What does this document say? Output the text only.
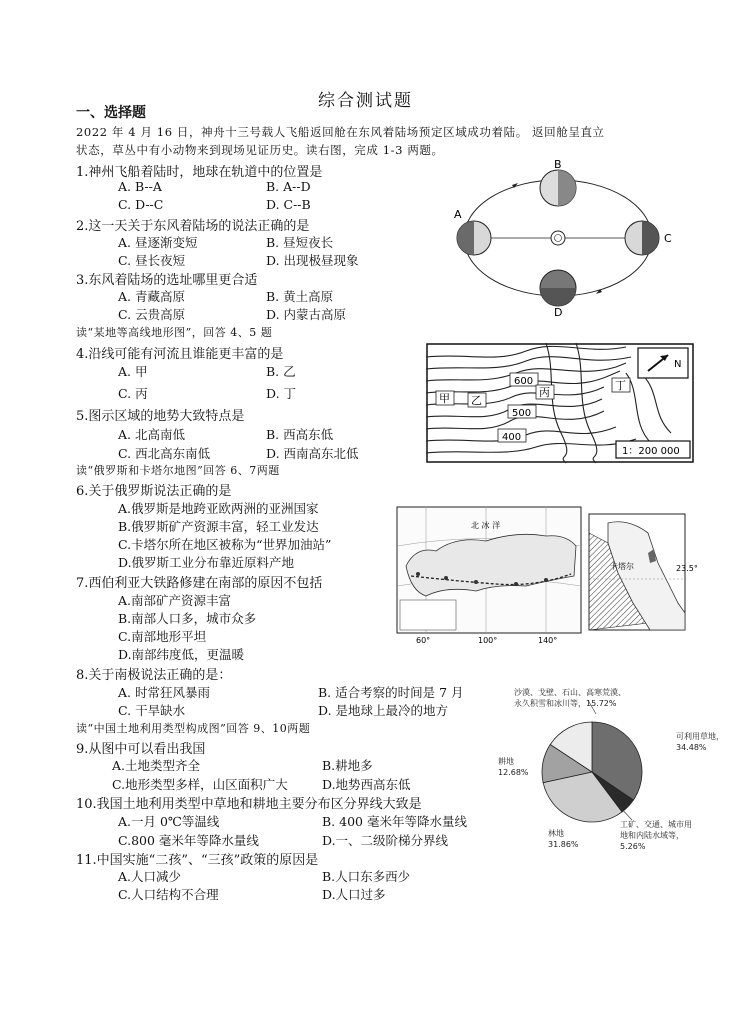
综合测试题
一、选择题
2022 年 4 月 16 日，神舟十三号载人飞船返回舱在东风着陆场预定区域成功着陆。 返回舱呈直立
状态，草丛中有小动物来到现场见证历史。读右图，完成 1-3 两题。
1.神州飞船着陆时，地球在轨道中的位置是
A. B--A	B. A--D
C. D--C	D. C--B
2.这一天关于东风着陆场的说法正确的是
A. 昼逐渐变短	B. 昼短夜长
C. 昼长夜短	D. 出现极昼现象
3.东风着陆场的选址哪里更合适
A. 青藏高原	B. 黄土高原
C. 云贵高原	D. 内蒙古高原
读“某地等高线地形图”，回答 4、5 题
4.沿线可能有河流且谁能更丰富的是
A. 甲	B. 乙
C. 丙	D. 丁
5.图示区域的地势大致特点是
A. 北高南低	B. 西高东低
C. 西北高东南低	D. 西南高东北低
读“俄罗斯和卡塔尔地图”回答 6、7两题
6.关于俄罗斯说法正确的是
A.俄罗斯是地跨亚欧两洲的亚洲国家
B.俄罗斯矿产资源丰富，轻工业发达
C.卡塔尔所在地区被称为“世界加油站”
D.俄罗斯工业分布靠近原料产地
7.西伯利亚大铁路修建在南部的原因不包括
A.南部矿产资源丰富
B.南部人口多，城市众多
C.南部地形平坦
D.南部纬度低，更温暖
8.关于南极说法正确的是：
A. 时常狂风暴雨	B. 适合考察的时间是 7 月
C. 干旱缺水	D. 是地球上最冷的地方
读“中国土地利用类型构成图”回答 9、10两题
9.从图中可以看出我国
A.土地类型齐全	B.耕地多
C.地形类型多样，山区面积广大	D.地势西高东低
10.我国土地利用类型中草地和耕地主要分布区分界线大致是
A.一月 0℃等温线	B. 400 毫米年等降水量线
C.800 毫米年等降水量线	D.一、二级阶梯分界线
11.中国实施“二孩”、“三孩”政策的原因是
A.人口减少	B.人口东多西少
C.人口结构不合理	D.人口过多
B
A
C
D
600
500
400
甲 乙
丙
丁
N
1：200 000
北 冰 洋
60°	100°	140°
卡塔尔	23.5°
沙漠、戈壁、石山、高寒荒漠、 永久积雪和冰川等，15.72%
可利用草地， 34.48%
耕地 12.68%
林地 31.86%
工矿、交通、城市用 地和内陆水域等， 5.26%
